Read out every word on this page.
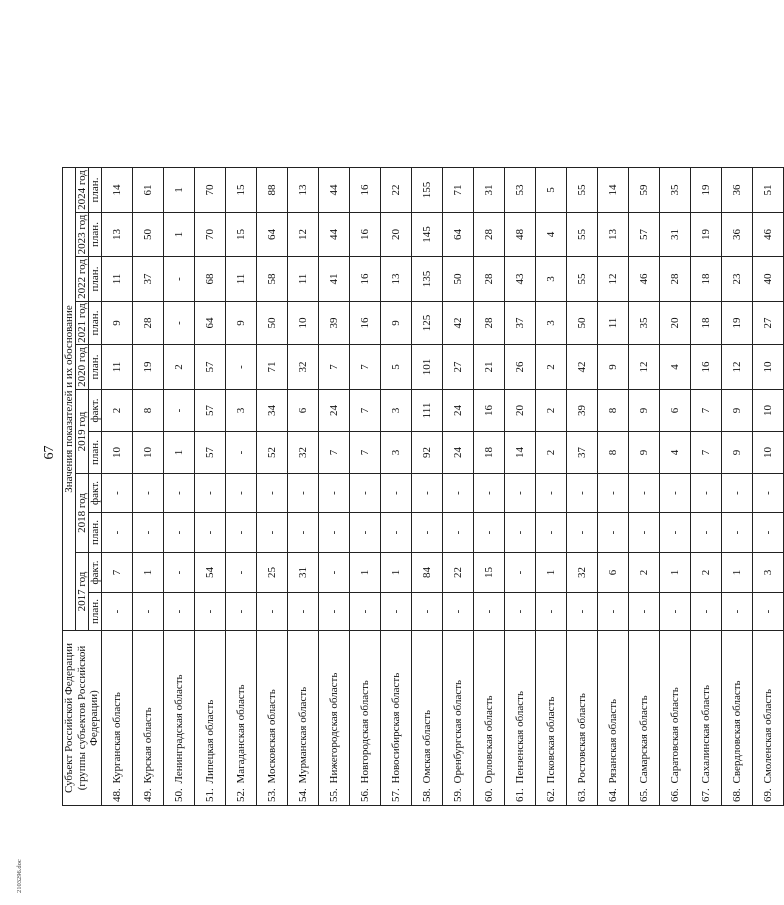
67
2103296.doc
Субъект Российской Федерации (группы субъектов Российской Федерации)		Значения показателей и их обоснование										
		2017 год		2018 год		2019 год		2020 год	2021 год	2022 год	2023 год	2024 год
		план.	факт.	план.	факт.	план.	факт.	план.	план.	план.	план.	план.
48.	Курганская область	-	7	-	-	10	2	11	9	11	13	14
49.	Курская область	-	1	-	-	10	8	19	28	37	50	61
50.	Ленинградская область	-	-	-	-	1	-	2	-	-	1	1
51.	Липецкая область	-	54	-	-	57	57	57	64	68	70	70
52.	Магаданская область	-	-	-	-	-	3	-	9	11	15	15
53.	Московская область	-	25	-	-	52	34	71	50	58	64	88
54.	Мурманская область	-	31	-	-	32	6	32	10	11	12	13
55.	Нижегородская область	-	-	-	-	7	24	7	39	41	44	44
56.	Новгородская область	-	1	-	-	7	7	7	16	16	16	16
57.	Новосибирская область	-	1	-	-	3	3	5	9	13	20	22
58.	Омская область	-	84	-	-	92	111	101	125	135	145	155
59.	Оренбургская область	-	22	-	-	24	24	27	42	50	64	71
60.	Орловская область	-	15	-	-	18	16	21	28	28	28	31
61.	Пензенская область	-	-	-	-	14	20	26	37	43	48	53
62.	Псковская область	-	1	-	-	2	2	2	3	3	4	5
63.	Ростовская область	-	32	-	-	37	39	42	50	55	55	55
64.	Рязанская область	-	6	-	-	8	8	9	11	12	13	14
65.	Самарская область	-	2	-	-	9	9	12	35	46	57	59
66.	Саратовская область	-	1	-	-	4	6	4	20	28	31	35
67.	Сахалинская область	-	2	-	-	7	7	16	18	18	19	19
68.	Свердловская область	-	1	-	-	9	9	12	19	23	36	36
69.	Смоленская область	-	3	-	-	10	10	10	27	40	46	51
